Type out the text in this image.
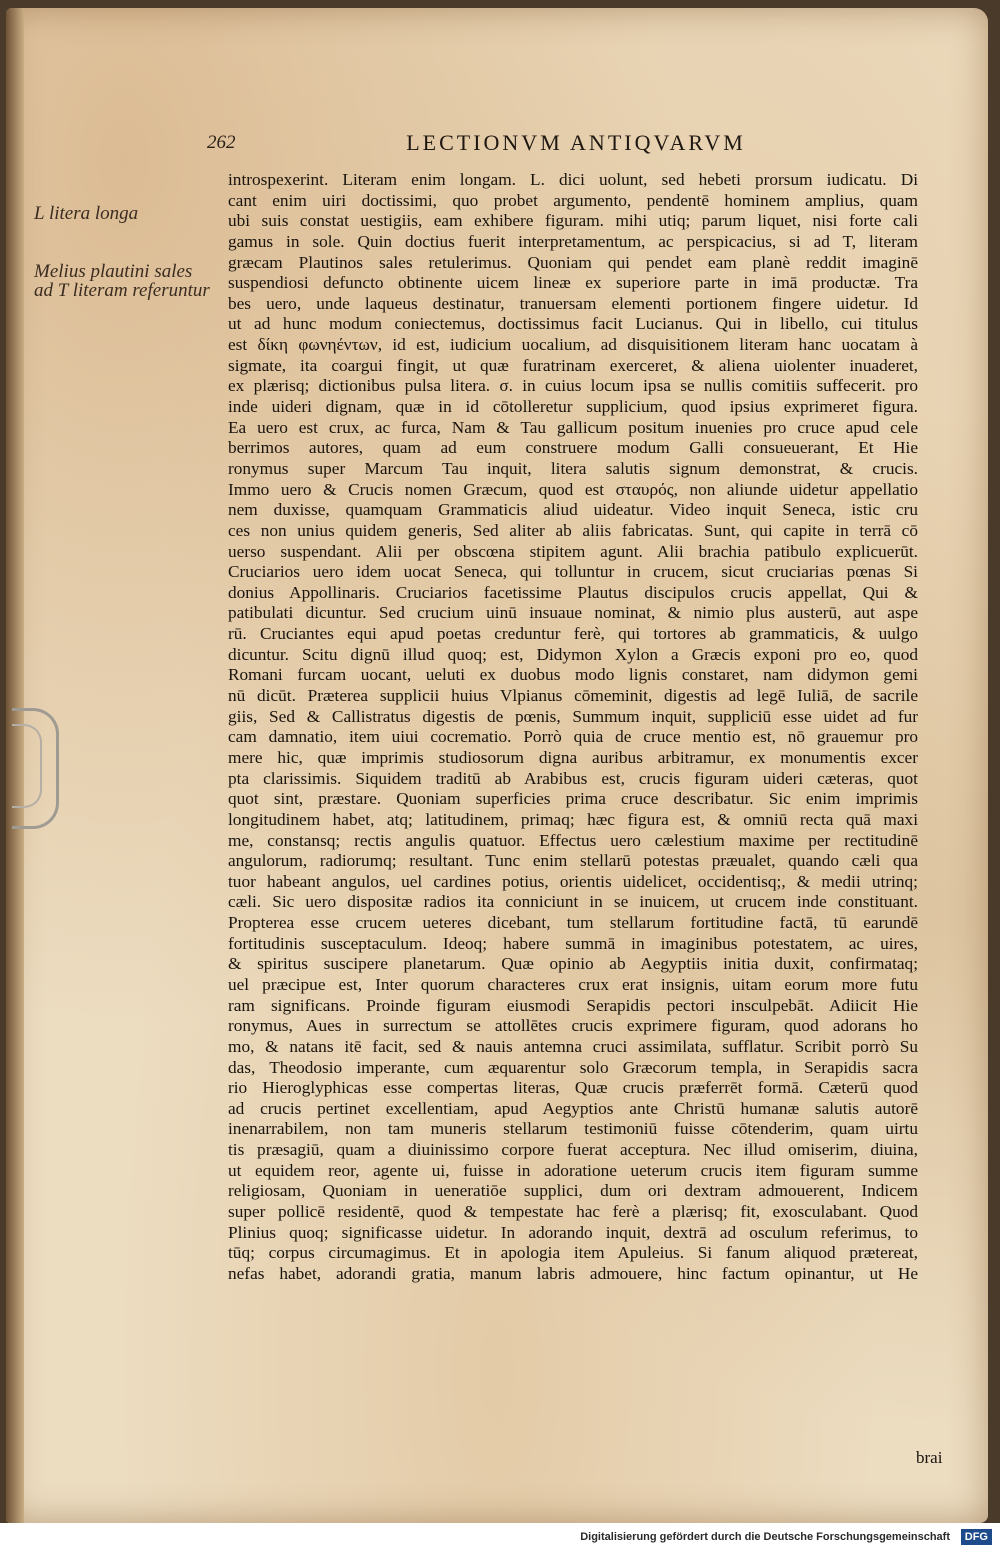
262	LECTIONVM ANTIQVARVM
L litera longa
Melius plautini sales
ad T literam referuntur
introspexerint. Literam enim longam. L. dici uolunt, sed hebeti prorsum iudicatu. Di
cant enim uiri doctissimi, quo probet argumento, pendentē hominem amplius, quam
ubi suis constat uestigiis, eam exhibere figuram. mihi utiq; parum liquet, nisi forte cali
gamus in sole. Quin doctius fuerit interpretamentum, ac perspicacius, si ad T, literam
græcam Plautinos sales retulerimus. Quoniam qui pendet eam planè reddit imaginē
suspendiosi defuncto obtinente uicem lineæ ex superiore parte in imā productæ. Tra
bes uero, unde laqueus destinatur, tranuersam elementi portionem fingere uidetur. Id
ut ad hunc modum coniectemus, doctissimus facit Lucianus. Qui in libello, cui titulus
est δίκη φωνηέντων, id est, iudicium uocalium, ad disquisitionem literam hanc uocatam à
sigmate, ita coargui fingit, ut quæ furatrinam exerceret, & aliena uiolenter inuaderet,
ex plærisq; dictionibus pulsa litera. σ. in cuius locum ipsa se nullis comitiis suffecerit. pro
inde uideri dignam, quæ in id cōtolleretur supplicium, quod ipsius exprimeret figura.
Ea uero est crux, ac furca, Nam & Tau gallicum positum inuenies pro cruce apud cele
berrimos autores, quam ad eum construere modum Galli consueuerant, Et Hie
ronymus super Marcum Tau inquit, litera salutis signum demonstrat, & crucis.
Immo uero & Crucis nomen Græcum, quod est σταυρός, non aliunde uidetur appellatio
nem duxisse, quamquam Grammaticis aliud uideatur. Video inquit Seneca, istic cru
ces non unius quidem generis, Sed aliter ab aliis fabricatas. Sunt, qui capite in terrā cō
uerso suspendant. Alii per obscœna stipitem agunt. Alii brachia patibulo explicuerūt.
Cruciarios uero idem uocat Seneca, qui tolluntur in crucem, sicut cruciarias pœnas Si
donius Appollinaris. Cruciarios facetissime Plautus discipulos crucis appellat, Qui &
patibulati dicuntur. Sed crucium uinū insuaue nominat, & nimio plus austerū, aut aspe
rū. Cruciantes equi apud poetas creduntur ferè, qui tortores ab grammaticis, & uulgo
dicuntur. Scitu dignū illud quoq; est, Didymon Xylon a Græcis exponi pro eo, quod
Romani furcam uocant, ueluti ex duobus modo lignis constaret, nam didymon gemi
nū dicūt. Præterea supplicii huius Vlpianus cōmeminit, digestis ad legē Iuliā, de sacrile
giis, Sed & Callistratus digestis de pœnis, Summum inquit, suppliciū esse uidet ad fur
cam damnatio, item uiui cocrematio. Porrò quia de cruce mentio est, nō grauemur pro
mere hic, quæ imprimis studiosorum digna auribus arbitramur, ex monumentis excer
pta clarissimis. Siquidem traditū ab Arabibus est, crucis figuram uideri cæteras, quot
quot sint, præstare. Quoniam superficies prima cruce describatur. Sic enim imprimis
longitudinem habet, atq; latitudinem, primaq; hæc figura est, & omniū recta quā maxi
me, constansq; rectis angulis quatuor. Effectus uero cælestium maxime per rectitudinē
angulorum, radiorumq; resultant. Tunc enim stellarū potestas præualet, quando cæli qua
tuor habeant angulos, uel cardines potius, orientis uidelicet, occidentisq;, & medii utrinq;
cæli. Sic uero dispositæ radios ita conniciunt in se inuicem, ut crucem inde constituant.
Propterea esse crucem ueteres dicebant, tum stellarum fortitudine factā, tū earundē
fortitudinis susceptaculum. Ideoq; habere summā in imaginibus potestatem, ac uires,
& spiritus suscipere planetarum. Quæ opinio ab Aegyptiis initia duxit, confirmataq;
uel præcipue est, Inter quorum characteres crux erat insignis, uitam eorum more futu
ram significans. Proinde figuram eiusmodi Serapidis pectori insculpebāt. Adiicit Hie
ronymus, Aues in surrectum se attollētes crucis exprimere figuram, quod adorans ho
mo, & natans itē facit, sed & nauis antemna cruci assimilata, sufflatur. Scribit porrò Su
das, Theodosio imperante, cum æquarentur solo Græcorum templa, in Serapidis sacra
rio Hieroglyphicas esse compertas literas, Quæ crucis præferrēt formā. Cæterū quod
ad crucis pertinet excellentiam, apud Aegyptios ante Christū humanæ salutis autorē
inenarrabilem, non tam muneris stellarum testimoniū fuisse cōtenderim, quam uirtu
tis præsagiū, quam a diuinissimo corpore fuerat acceptura. Nec illud omiserim, diuina,
ut equidem reor, agente ui, fuisse in adoratione ueterum crucis item figuram summe
religiosam, Quoniam in ueneratiōe supplici, dum ori dextram admouerent, Indicem
super pollicē residentē, quod & tempestate hac ferè a plærisq; fit, exosculabant. Quod
Plinius quoq; significasse uidetur. In adorando inquit, dextrā ad osculum referimus, to
tūq; corpus circumagimus. Et in apologia item Apuleius. Si fanum aliquod prætereat,
nefas habet, adorandi gratia, manum labris admouere, hinc factum opinantur, ut He
brai
Digitalisierung gefördert durch die Deutsche Forschungsgemeinschaft	DFG
